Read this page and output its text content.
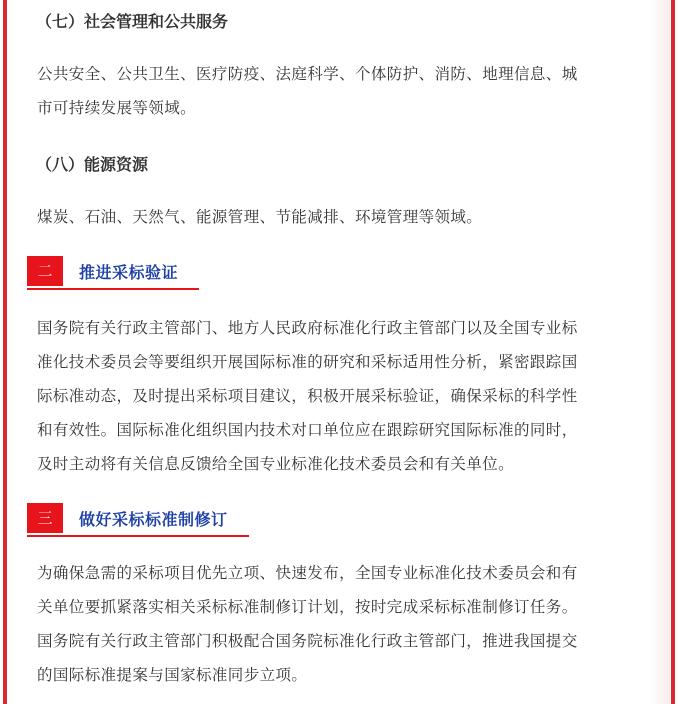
（七）社会管理和公共服务
公共安全、公共卫生、医疗防疫、法庭科学、个体防护、消防、地理信息、城
市可持续发展等领域。
（八）能源资源
煤炭、石油、天然气、能源管理、节能减排、环境管理等领域。
二	推进采标验证
国务院有关行政主管部门、地方人民政府标准化行政主管部门以及全国专业标
准化技术委员会等要组织开展国际标准的研究和采标适用性分析，紧密跟踪国
际标准动态，及时提出采标项目建议，积极开展采标验证，确保采标的科学性
和有效性。国际标准化组织国内技术对口单位应在跟踪研究国际标准的同时，
及时主动将有关信息反馈给全国专业标准化技术委员会和有关单位。
三	做好采标标准制修订
为确保急需的采标项目优先立项、快速发布，全国专业标准化技术委员会和有
关单位要抓紧落实相关采标标准制修订计划，按时完成采标标准制修订任务。
国务院有关行政主管部门积极配合国务院标准化行政主管部门，推进我国提交
的国际标准提案与国家标准同步立项。
